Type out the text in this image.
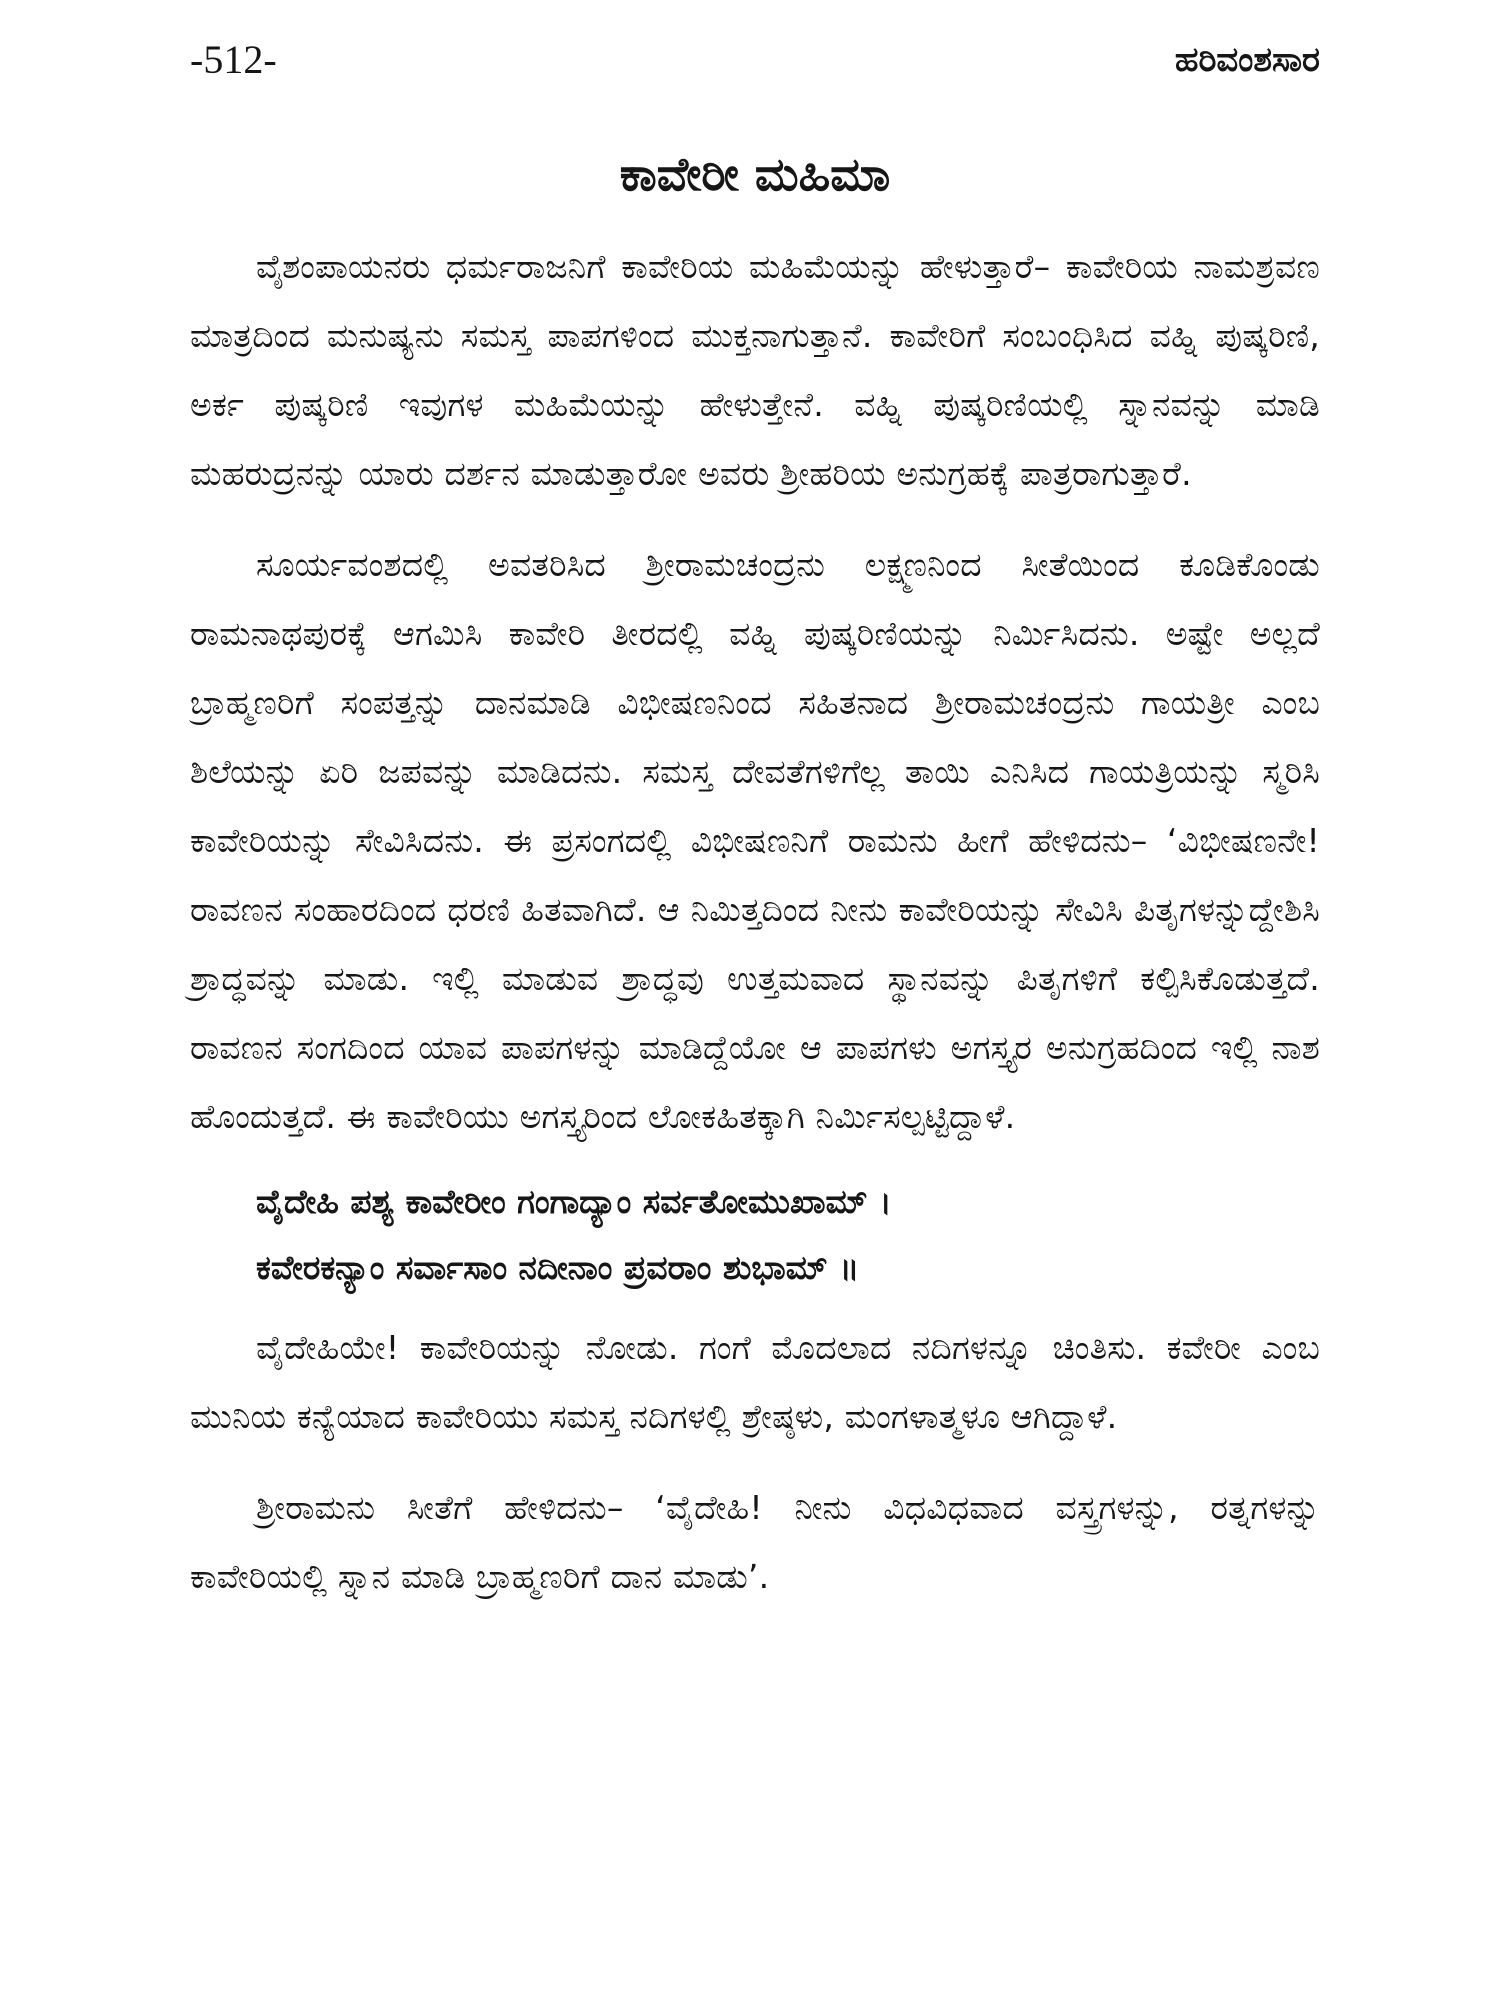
-512-	ಹರಿವಂಶಸಾರ
ಕಾವೇರೀ ಮಹಿಮಾ

ವೈಶಂಪಾಯನರು ಧರ್ಮರಾಜನಿಗೆ ಕಾವೇರಿಯ ಮಹಿಮೆಯನ್ನು ಹೇಳುತ್ತಾರೆ– ಕಾವೇರಿಯ ನಾಮಶ್ರವಣ ಮಾತ್ರದಿಂದ ಮನುಷ್ಯನು ಸಮಸ್ತ ಪಾಪಗಳಿಂದ ಮುಕ್ತನಾಗುತ್ತಾನೆ. ಕಾವೇರಿಗೆ ಸಂಬಂಧಿಸಿದ ವಹ್ನಿ ಪುಷ್ಕರಿಣಿ, ಅರ್ಕ ಪುಷ್ಕರಿಣಿ ಇವುಗಳ ಮಹಿಮೆಯನ್ನು ಹೇಳುತ್ತೇನೆ. ವಹ್ನಿ ಪುಷ್ಕರಿಣಿಯಲ್ಲಿ ಸ್ನಾನವನ್ನು ಮಾಡಿ ಮಹರುದ್ರನನ್ನು ಯಾರು ದರ್ಶನ ಮಾಡುತ್ತಾರೋ ಅವರು ಶ್ರೀಹರಿಯ ಅನುಗ್ರಹಕ್ಕೆ ಪಾತ್ರರಾಗುತ್ತಾರೆ.

ಸೂರ್ಯವಂಶದಲ್ಲಿ ಅವತರಿಸಿದ ಶ್ರೀರಾಮಚಂದ್ರನು ಲಕ್ಷ್ಮಣನಿಂದ ಸೀತೆಯಿಂದ ಕೂಡಿಕೊಂಡು ರಾಮನಾಥಪುರಕ್ಕೆ ಆಗಮಿಸಿ ಕಾವೇರಿ ತೀರದಲ್ಲಿ ವಹ್ನಿ ಪುಷ್ಕರಿಣಿಯನ್ನು ನಿರ್ಮಿಸಿದನು. ಅಷ್ಟೇ ಅಲ್ಲದೆ ಬ್ರಾಹ್ಮಣರಿಗೆ ಸಂಪತ್ತನ್ನು ದಾನಮಾಡಿ ವಿಭೀಷಣನಿಂದ ಸಹಿತನಾದ ಶ್ರೀರಾಮಚಂದ್ರನು ಗಾಯತ್ರೀ ಎಂಬ ಶಿಲೆಯನ್ನು ಏರಿ ಜಪವನ್ನು ಮಾಡಿದನು. ಸಮಸ್ತ ದೇವತೆಗಳಿಗೆಲ್ಲ ತಾಯಿ ಎನಿಸಿದ ಗಾಯತ್ರಿಯನ್ನು ಸ್ಮರಿಸಿ ಕಾವೇರಿಯನ್ನು ಸೇವಿಸಿದನು. ಈ ಪ್ರಸಂಗದಲ್ಲಿ ವಿಭೀಷಣನಿಗೆ ರಾಮನು ಹೀಗೆ ಹೇಳಿದನು– ‘ವಿಭೀಷಣನೇ! ರಾವಣನ ಸಂಹಾರದಿಂದ ಧರಣಿ ಹಿತವಾಗಿದೆ. ಆ ನಿಮಿತ್ತದಿಂದ ನೀನು ಕಾವೇರಿಯನ್ನು ಸೇವಿಸಿ ಪಿತೃಗಳನ್ನುದ್ದೇಶಿಸಿ ಶ್ರಾದ್ಧವನ್ನು ಮಾಡು. ಇಲ್ಲಿ ಮಾಡುವ ಶ್ರಾದ್ಧವು ಉತ್ತಮವಾದ ಸ್ಥಾನವನ್ನು ಪಿತೃಗಳಿಗೆ ಕಲ್ಪಿಸಿಕೊಡುತ್ತದೆ. ರಾವಣನ ಸಂಗದಿಂದ ಯಾವ ಪಾಪಗಳನ್ನು ಮಾಡಿದ್ದೆಯೋ ಆ ಪಾಪಗಳು ಅಗಸ್ತ್ಯರ ಅನುಗ್ರಹದಿಂದ ಇಲ್ಲಿ ನಾಶ ಹೊಂದುತ್ತದೆ. ಈ ಕಾವೇರಿಯು ಅಗಸ್ತ್ಯರಿಂದ ಲೋಕಹಿತಕ್ಕಾಗಿ ನಿರ್ಮಿಸಲ್ಪಟ್ಟಿದ್ದಾಳೆ.

ವೈದೇಹಿ ಪಶ್ಯ ಕಾವೇರೀಂ ಗಂಗಾದ್ಯಾಂ ಸರ್ವತೋಮುಖಾಮ್ ।
ಕವೇರಕನ್ಯಾಂ ಸರ್ವಾಸಾಂ ನದೀನಾಂ ಪ್ರವರಾಂ ಶುಭಾಮ್ ॥

ವೈದೇಹಿಯೇ! ಕಾವೇರಿಯನ್ನು ನೋಡು. ಗಂಗೆ ಮೊದಲಾದ ನದಿಗಳನ್ನೂ ಚಿಂತಿಸು. ಕವೇರೀ ಎಂಬ ಮುನಿಯ ಕನ್ಯೆಯಾದ ಕಾವೇರಿಯು ಸಮಸ್ತ ನದಿಗಳಲ್ಲಿ ಶ್ರೇಷ್ಠಳು, ಮಂಗಳಾತ್ಮಳೂ ಆಗಿದ್ದಾಳೆ.

ಶ್ರೀರಾಮನು ಸೀತೆಗೆ ಹೇಳಿದನು– ‘ವೈದೇಹಿ! ನೀನು ವಿಧವಿಧವಾದ ವಸ್ತ್ರಗಳನ್ನು, ರತ್ನಗಳನ್ನು ಕಾವೇರಿಯಲ್ಲಿ ಸ್ನಾನ ಮಾಡಿ ಬ್ರಾಹ್ಮಣರಿಗೆ ದಾನ ಮಾಡು’.
